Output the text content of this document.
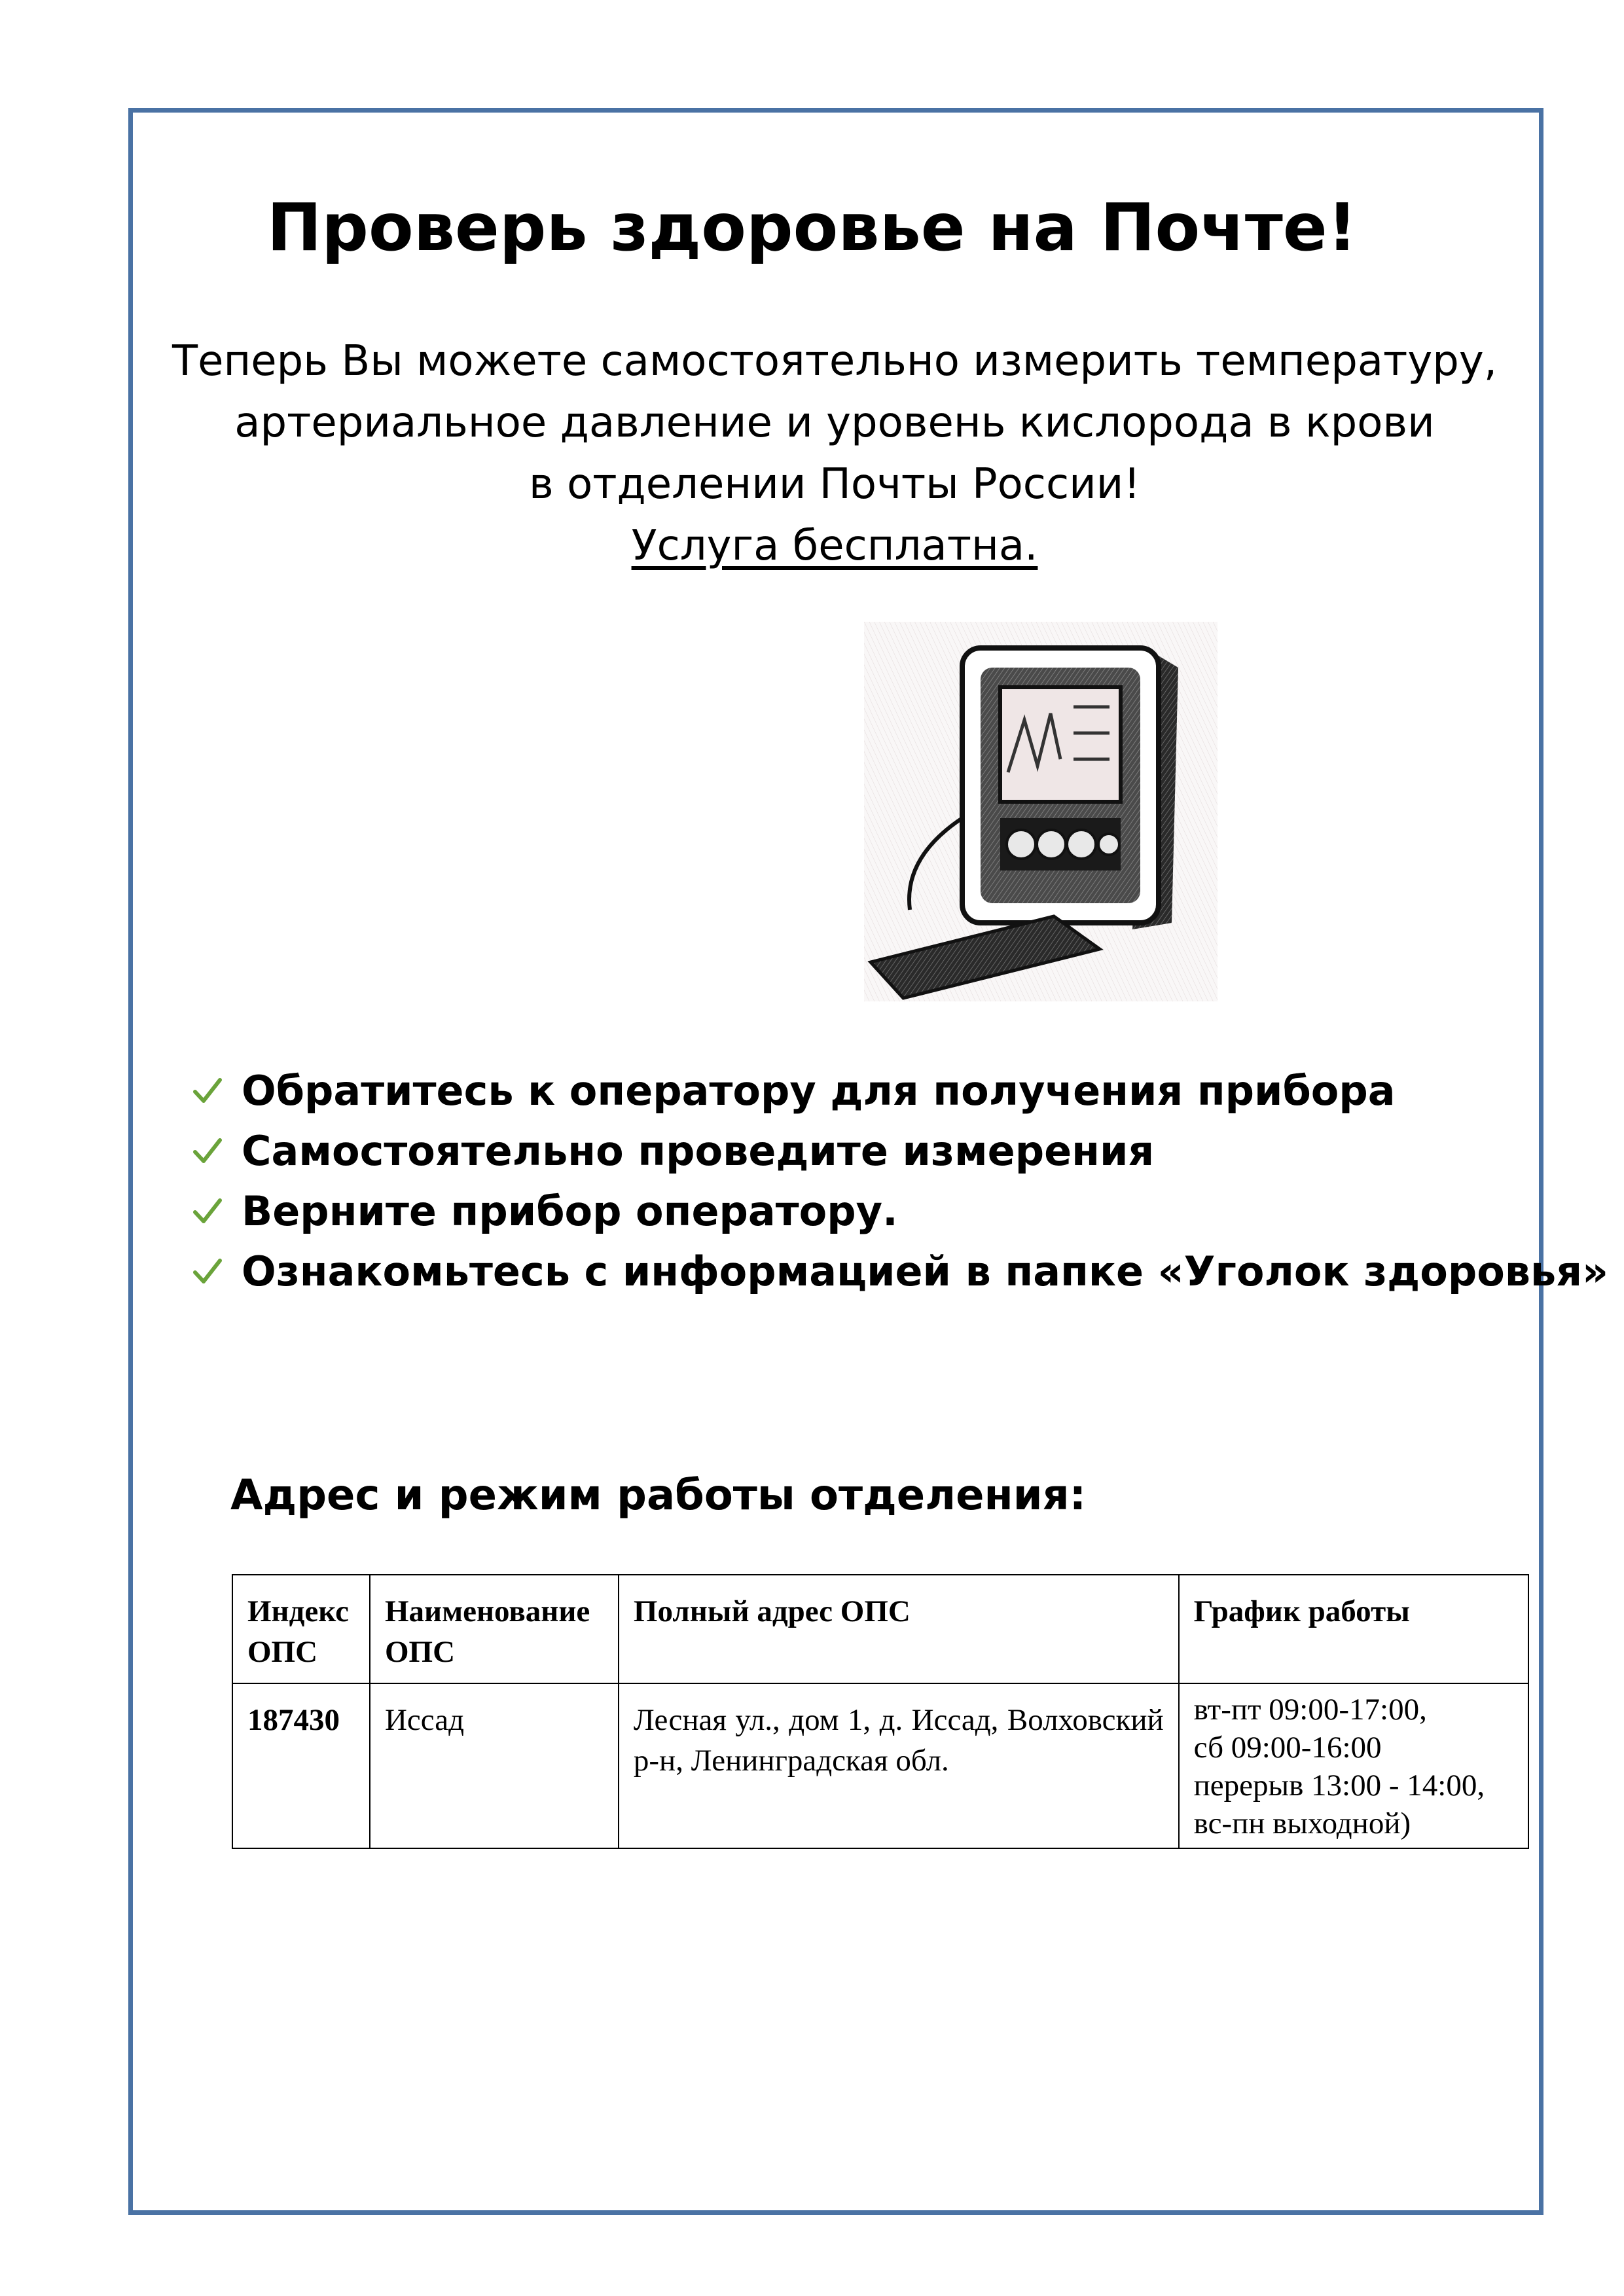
Проверь здоровье на Почте!
Теперь Вы можете самостоятельно измерить температуру,
артериальное давление и уровень кислорода в крови
в отделении Почты России!
Услуга бесплатна.
Обратитесь к оператору для получения прибора
Самостоятельно проведите измерения
Верните прибор оператору.
Ознакомьтесь с информацией в папке «Уголок здоровья»
Адрес и режим работы отделения:
Индекс ОПС	Наименование ОПС	Полный адрес ОПС	График работы
187430	Иссад	Лесная ул., дом 1, д. Иссад, Волховский р-н, Ленинградская обл.	вт-пт 09:00-17:00,
сб 09:00-16:00
перерыв 13:00 - 14:00,
вс-пн выходной)
